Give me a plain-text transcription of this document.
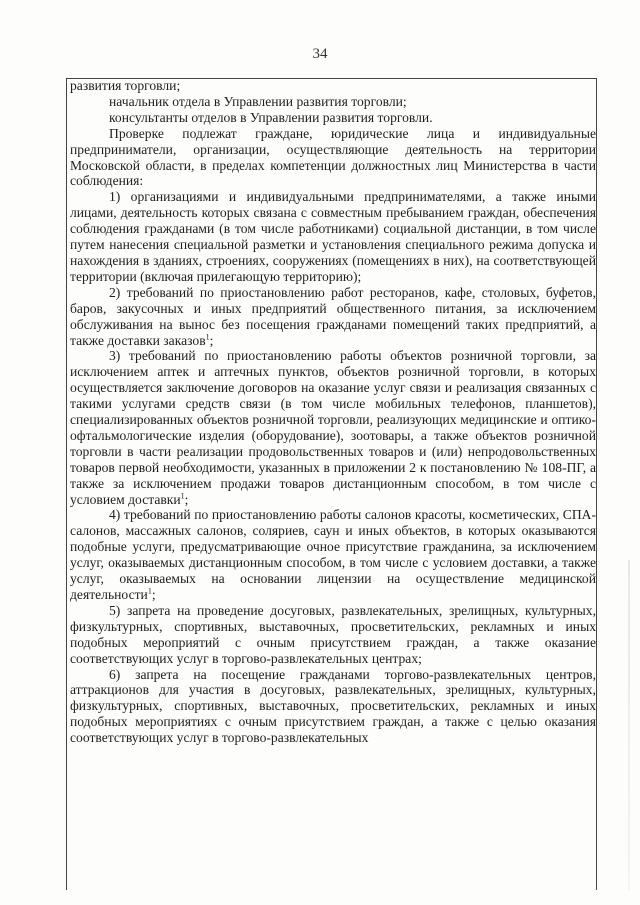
34

развития торговли;

начальник отдела в Управлении развития торговли;

консультанты отделов в Управлении развития торговли.

Проверке подлежат граждане, юридические лица и индивидуальные предприниматели, организации, осуществляющие деятельность на территории Московской области, в пределах компетенции должностных лиц Министерства в части соблюдения:

1) организациями и индивидуальными предпринимателями, а также иными лицами, деятельность которых связана с совместным пребыванием граждан, обеспечения соблюдения гражданами (в том числе работниками) социальной дистанции, в том числе путем нанесения специальной разметки и установления специального режима допуска и нахождения в зданиях, строениях, сооружениях (помещениях в них), на соответствующей территории (включая прилегающую территорию);

2) требований по приостановлению работ ресторанов, кафе, столовых, буфетов, баров, закусочных и иных предприятий общественного питания, за исключением обслуживания на вынос без посещения гражданами помещений таких предприятий, а также доставки заказов$^1$;

3) требований по приостановлению работы объектов розничной торговли, за исключением аптек и аптечных пунктов, объектов розничной торговли, в которых осуществляется заключение договоров на оказание услуг связи и реализация связанных с такими услугами средств связи (в том числе мобильных телефонов, планшетов), специализированных объектов розничной торговли, реализующих медицинские и оптико-офтальмологические изделия (оборудование), зоотовары, а также объектов розничной торговли в части реализации продовольственных товаров и (или) непродовольственных товаров первой необходимости, указанных в приложении 2 к постановлению № 108-ПГ, а также за исключением продажи товаров дистанционным способом, в том числе с условием доставки$^1$;

4) требований по приостановлению работы салонов красоты, косметических, СПА-салонов, массажных салонов, соляриев, саун и иных объектов, в которых оказываются подобные услуги, предусматривающие очное присутствие гражданина, за исключением услуг, оказываемых дистанционным способом, в том числе с условием доставки, а также услуг, оказываемых на основании лицензии на осуществление медицинской деятельности$^1$;

5) запрета на проведение досуговых, развлекательных, зрелищных, культурных, физкультурных, спортивных, выставочных, просветительских, рекламных и иных подобных мероприятий с очным присутствием граждан, а также оказание соответствующих услуг в торгово-развлекательных центрах;

6) запрета на посещение гражданами торгово-развлекательных центров, аттракционов для участия в досуговых, развлекательных, зрелищных, культурных, физкультурных, спортивных, выставочных, просветительских, рекламных и иных подобных мероприятиях с очным присутствием граждан, а также с целью оказания соответствующих услуг в торгово-развлекательных
